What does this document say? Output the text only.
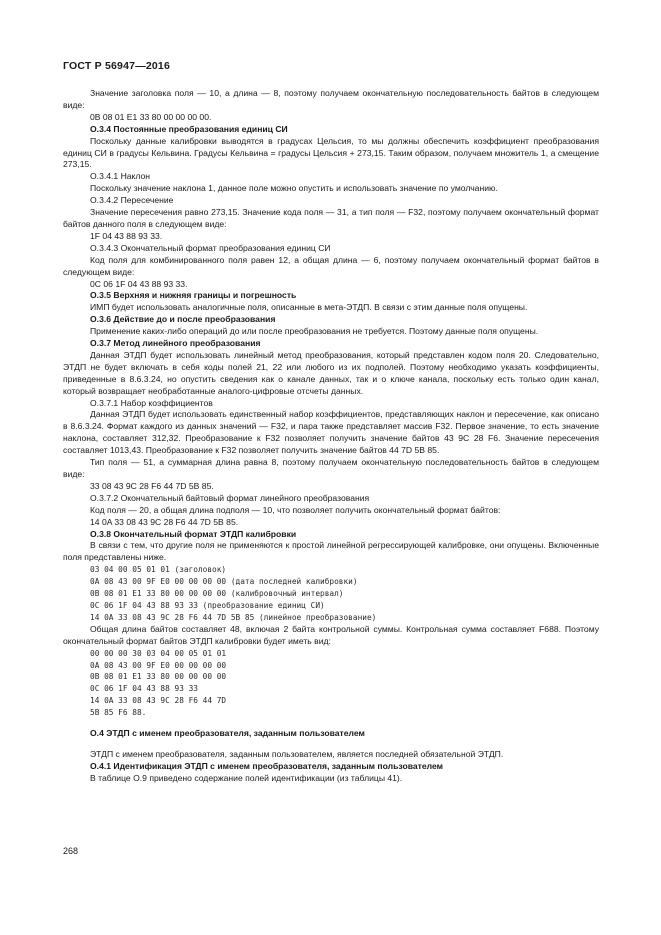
ГОСТ Р 56947—2016

Значение заголовка поля — 10, а длина — 8, поэтому получаем окончательную последовательность байтов в следующем виде:

0B 08 01 E1 33 80 00 00 00 00.

О.3.4 Постоянные преобразования единиц СИ

Поскольку данные калибровки выводятся в градусах Цельсия, то мы должны обеспечить коэффициент преобразования единиц СИ в градусы Кельвина. Градусы Кельвина = градусы Цельсия + 273,15. Таким образом, получаем множитель 1, а смещение 273,15.

О.3.4.1 Наклон

Поскольку значение наклона 1, данное поле можно опустить и использовать значение по умолчанию.

О.3.4.2 Пересечение

Значение пересечения равно 273,15. Значение кода поля — 31, а тип поля — F32, поэтому получаем окончательный формат байтов данного поля в следующем виде:

1F 04 43 88 93 33.

О.3.4.3 Окончательный формат преобразования единиц СИ

Код поля для комбинированного поля равен 12, а общая длина — 6, поэтому получаем окончательный формат байтов в следующем виде:

0C 06 1F 04 43 88 93 33.

О.3.5 Верхняя и нижняя границы и погрешность

ИМП будет использовать аналогичные поля, описанные в мета-ЭТДП. В связи с этим данные поля опущены.

О.3.6 Действие до и после преобразования

Применение каких-либо операций до или после преобразования не требуется. Поэтому данные поля опущены.

О.3.7 Метод линейного преобразования

Данная ЭТДП будет использовать линейный метод преобразования, который представлен кодом поля 20. Следовательно, ЭТДП не будет включать в себя коды полей 21, 22 или любого из их подполей. Поэтому необходимо указать коэффициенты, приведенные в 8.6.3.24, но опустить сведения как о канале данных, так и о ключе канала, поскольку есть только один канал, который возвращает необработанные аналого-цифровые отсчеты данных.

О.3.7.1 Набор коэффициентов

Данная ЭТДП будет использовать единственный набор коэффициентов, представляющих наклон и пересечение, как описано в 8.6.3.24. Формат каждого из данных значений — F32, и пара также представляет массив F32. Первое значение, то есть значение наклона, составляет 312,32. Преобразование к F32 позволяет получить значение байтов 43 9C 28 F6. Значение пересечения составляет 1013,43. Преобразование к F32 позволяет получить значение байтов 44 7D 5B 85.

Тип поля — 51, а суммарная длина равна 8, поэтому получаем окончательную последовательность байтов в следующем виде:

33 08 43 9C 28 F6 44 7D 5B 85.

О.3.7.2 Окончательный байтовый формат линейного преобразования

Код поля — 20, а общая длина подполя — 10, что позволяет получить окончательный формат байтов:

14 0A 33 08 43 9C 28 F6 44 7D 5B 85.

О.3.8 Окончательный формат ЭТДП калибровки

В связи с тем, что другие поля не применяются к простой линейной регрессирующей калибровке, они опущены. Включенные поля представлены ниже.

03 04 00 05 01 01 (заголовок)
0A 08 43 00 9F E0 00 00 00 00 (дата последней калибровки)
0B 08 01 E1 33 80 00 00 00 00 (калибровочный интервал)
0C 06 1F 04 43 88 93 33 (преобразование единиц СИ)
14 0A 33 08 43 9C 28 F6 44 7D 5B 85 (линейное преобразование)

Общая длина байтов составляет 48, включая 2 байта контрольной суммы. Контрольная сумма составляет F688. Поэтому окончательный формат байтов ЭТДП калибровки будет иметь вид:

00 00 00 30 03 04 00 05 01 01
0A 08 43 00 9F E0 00 00 00 00
0B 08 01 E1 33 80 00 00 00 00
0C 06 1F 04 43 88 93 33
14 0A 33 08 43 9C 28 F6 44 7D
5B 85 F6 88.

О.4 ЭТДП с именем преобразователя, заданным пользователем

ЭТДП с именем преобразователя, заданным пользователем, является последней обязательной ЭТДП.

О.4.1 Идентификация ЭТДП с именем преобразователя, заданным пользователем

В таблице О.9 приведено содержание полей идентификации (из таблицы 41).

268
